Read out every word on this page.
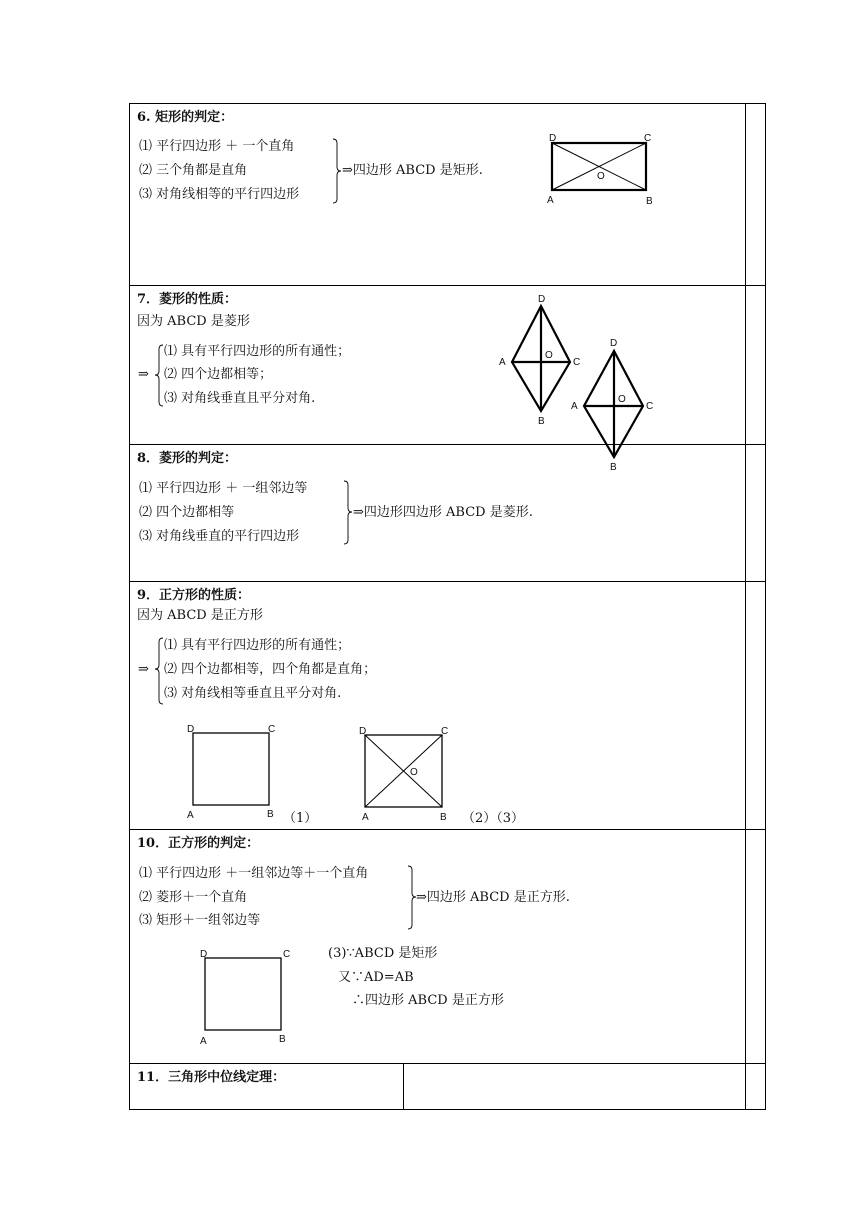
6. 矩形的判定：
⑴ 平行四边形 ＋ 一个直角
⑵ 三个角都是直角
⑶ 对角线相等的平行四边形
⇒四边形 ABCD 是矩形.
D	C
A	B
O
7．菱形的性质：
因为 ABCD 是菱形
⇒
⑴ 具有平行四边形的所有通性；
⑵ 四个边都相等；
⑶ 对角线垂直且平分对角.
D
A
O
C
B
D
A
O
C
B
8．菱形的判定：
⑴ 平行四边形 ＋ 一组邻边等
⑵ 四个边都相等
⑶ 对角线垂直的平行四边形
⇒四边形四边形 ABCD 是菱形.
9．正方形的性质：
因为 ABCD 是正方形
⇒
⑴ 具有平行四边形的所有通性；
⑵ 四个边都相等，四个角都是直角；
⑶ 对角线相等垂直且平分对角.
D	C
A	B （1）
D	C
A	B
O
（2）（3）
10．正方形的判定：
⑴ 平行四边形 ＋一组邻边等＋一个直角
⑵ 菱形＋一个直角
⑶ 矩形＋一组邻边等
⇒四边形 ABCD 是正方形.
(3)∵ABCD 是矩形
又∵AD=AB
∴四边形 ABCD 是正方形
D	C
A	B
11．三角形中位线定理：
